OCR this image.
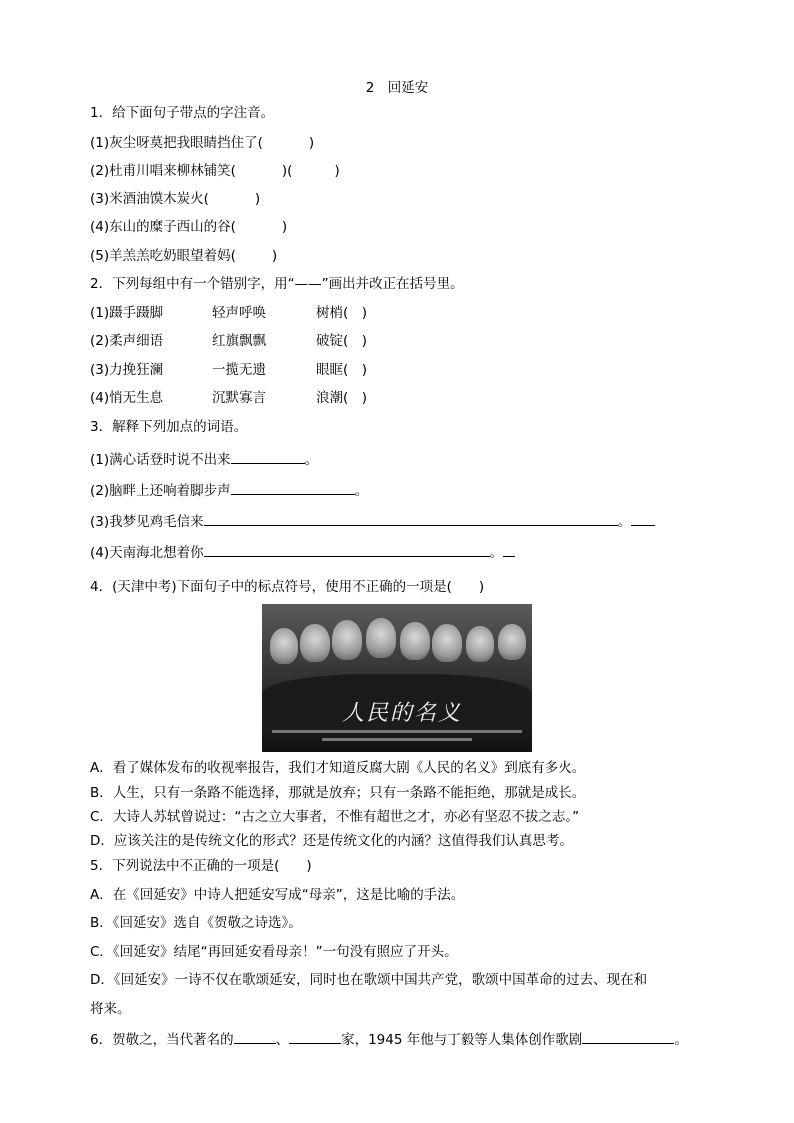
2　回延安
1．给下面句子带点的字注音。
(1)灰尘呀莫把我眼睛挡住了(	)
(2)杜甫川唱来柳林铺笑(	)(	)
(3)米酒油馍木炭火(	)
(4)东山的糜子西山的谷(	)
(5)羊羔羔吃奶眼望着妈(	)
2．下列每组中有一个错别字，用“——”画出并改正在括号里。
(1)蹑手蹑脚	轻声呼唤	树梢(　)
(2)柔声细语	红旗飘飘	破锭(　)
(3)力挽狂澜	一揽无遗	眼眶(　)
(4)悄无生息	沉默寡言	浪潮(　)
3．解释下列加点的词语。
(1)满心话登时说不出来	。
(2)脑畔上还响着脚步声	。
(3)我梦见鸡毛信来	。
(4)天南海北想着你	。
4．(天津中考)下面句子中的标点符号，使用不正确的一项是(　　)
人民的名义
A．看了媒体发布的收视率报告，我们才知道反腐大剧《人民的名义》到底有多火。
B．人生，只有一条路不能选择，那就是放弃；只有一条路不能拒绝，那就是成长。
C．大诗人苏轼曾说过：“古之立大事者，不惟有超世之才，亦必有坚忍不拔之志。”
D．应该关注的是传统文化的形式？还是传统文化的内涵？这值得我们认真思考。
5．下列说法中不正确的一项是(　　)
A．在《回延安》中诗人把延安写成“母亲”，这是比喻的手法。
B．《回延安》选自《贺敬之诗选》。
C．《回延安》结尾“再回延安看母亲！”一句没有照应了开头。
D．《回延安》一诗不仅在歌颂延安，同时也在歌颂中国共产党，歌颂中国革命的过去、现在和
将来。
6．贺敬之，当代著名的	、	家，1945 年他与丁毅等人集体创作歌剧	。
